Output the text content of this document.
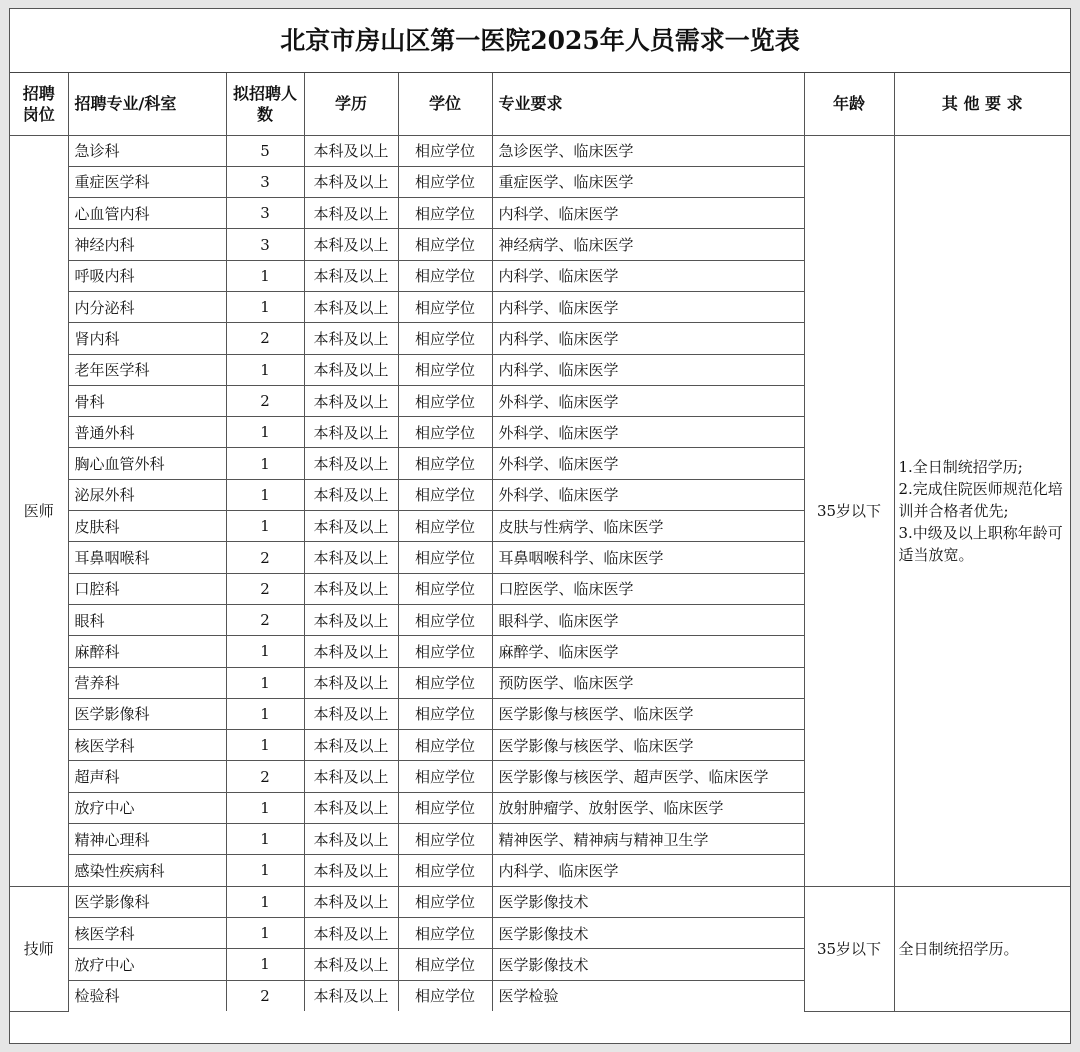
北京市房山区第一医院2025年人员需求一览表
招聘岗位	招聘专业/科室	拟招聘人数	学历	学位	专业要求	年龄	其 他 要 求
医师	急诊科	5	本科及以上	相应学位	急诊医学、临床医学	35岁以下	1.全日制统招学历;
2.完成住院医师规范化培训并合格者优先;
3.中级及以上职称年龄可适当放宽。

	重症医学科	3	本科及以上	相应学位	重症医学、临床医学		
	心血管内科	3	本科及以上	相应学位	内科学、临床医学		
	神经内科	3	本科及以上	相应学位	神经病学、临床医学		
	呼吸内科	1	本科及以上	相应学位	内科学、临床医学		
	内分泌科	1	本科及以上	相应学位	内科学、临床医学		
	肾内科	2	本科及以上	相应学位	内科学、临床医学		
	老年医学科	1	本科及以上	相应学位	内科学、临床医学		
	骨科	2	本科及以上	相应学位	外科学、临床医学		
	普通外科	1	本科及以上	相应学位	外科学、临床医学		
	胸心血管外科	1	本科及以上	相应学位	外科学、临床医学		
	泌尿外科	1	本科及以上	相应学位	外科学、临床医学		
	皮肤科	1	本科及以上	相应学位	皮肤与性病学、临床医学		
	耳鼻咽喉科	2	本科及以上	相应学位	耳鼻咽喉科学、临床医学		
	口腔科	2	本科及以上	相应学位	口腔医学、临床医学		
	眼科	2	本科及以上	相应学位	眼科学、临床医学		
	麻醉科	1	本科及以上	相应学位	麻醉学、临床医学		
	营养科	1	本科及以上	相应学位	预防医学、临床医学		
	医学影像科	1	本科及以上	相应学位	医学影像与核医学、临床医学		
	核医学科	1	本科及以上	相应学位	医学影像与核医学、临床医学		
	超声科	2	本科及以上	相应学位	医学影像与核医学、超声医学、临床医学		
	放疗中心	1	本科及以上	相应学位	放射肿瘤学、放射医学、临床医学		
	精神心理科	1	本科及以上	相应学位	精神医学、精神病与精神卫生学		
	感染性疾病科	1	本科及以上	相应学位	内科学、临床医学		
技师	医学影像科	1	本科及以上	相应学位	医学影像技术	35岁以下	全日制统招学历。

	核医学科	1	本科及以上	相应学位	医学影像技术		
	放疗中心	1	本科及以上	相应学位	医学影像技术		
	检验科	2	本科及以上	相应学位	医学检验		
